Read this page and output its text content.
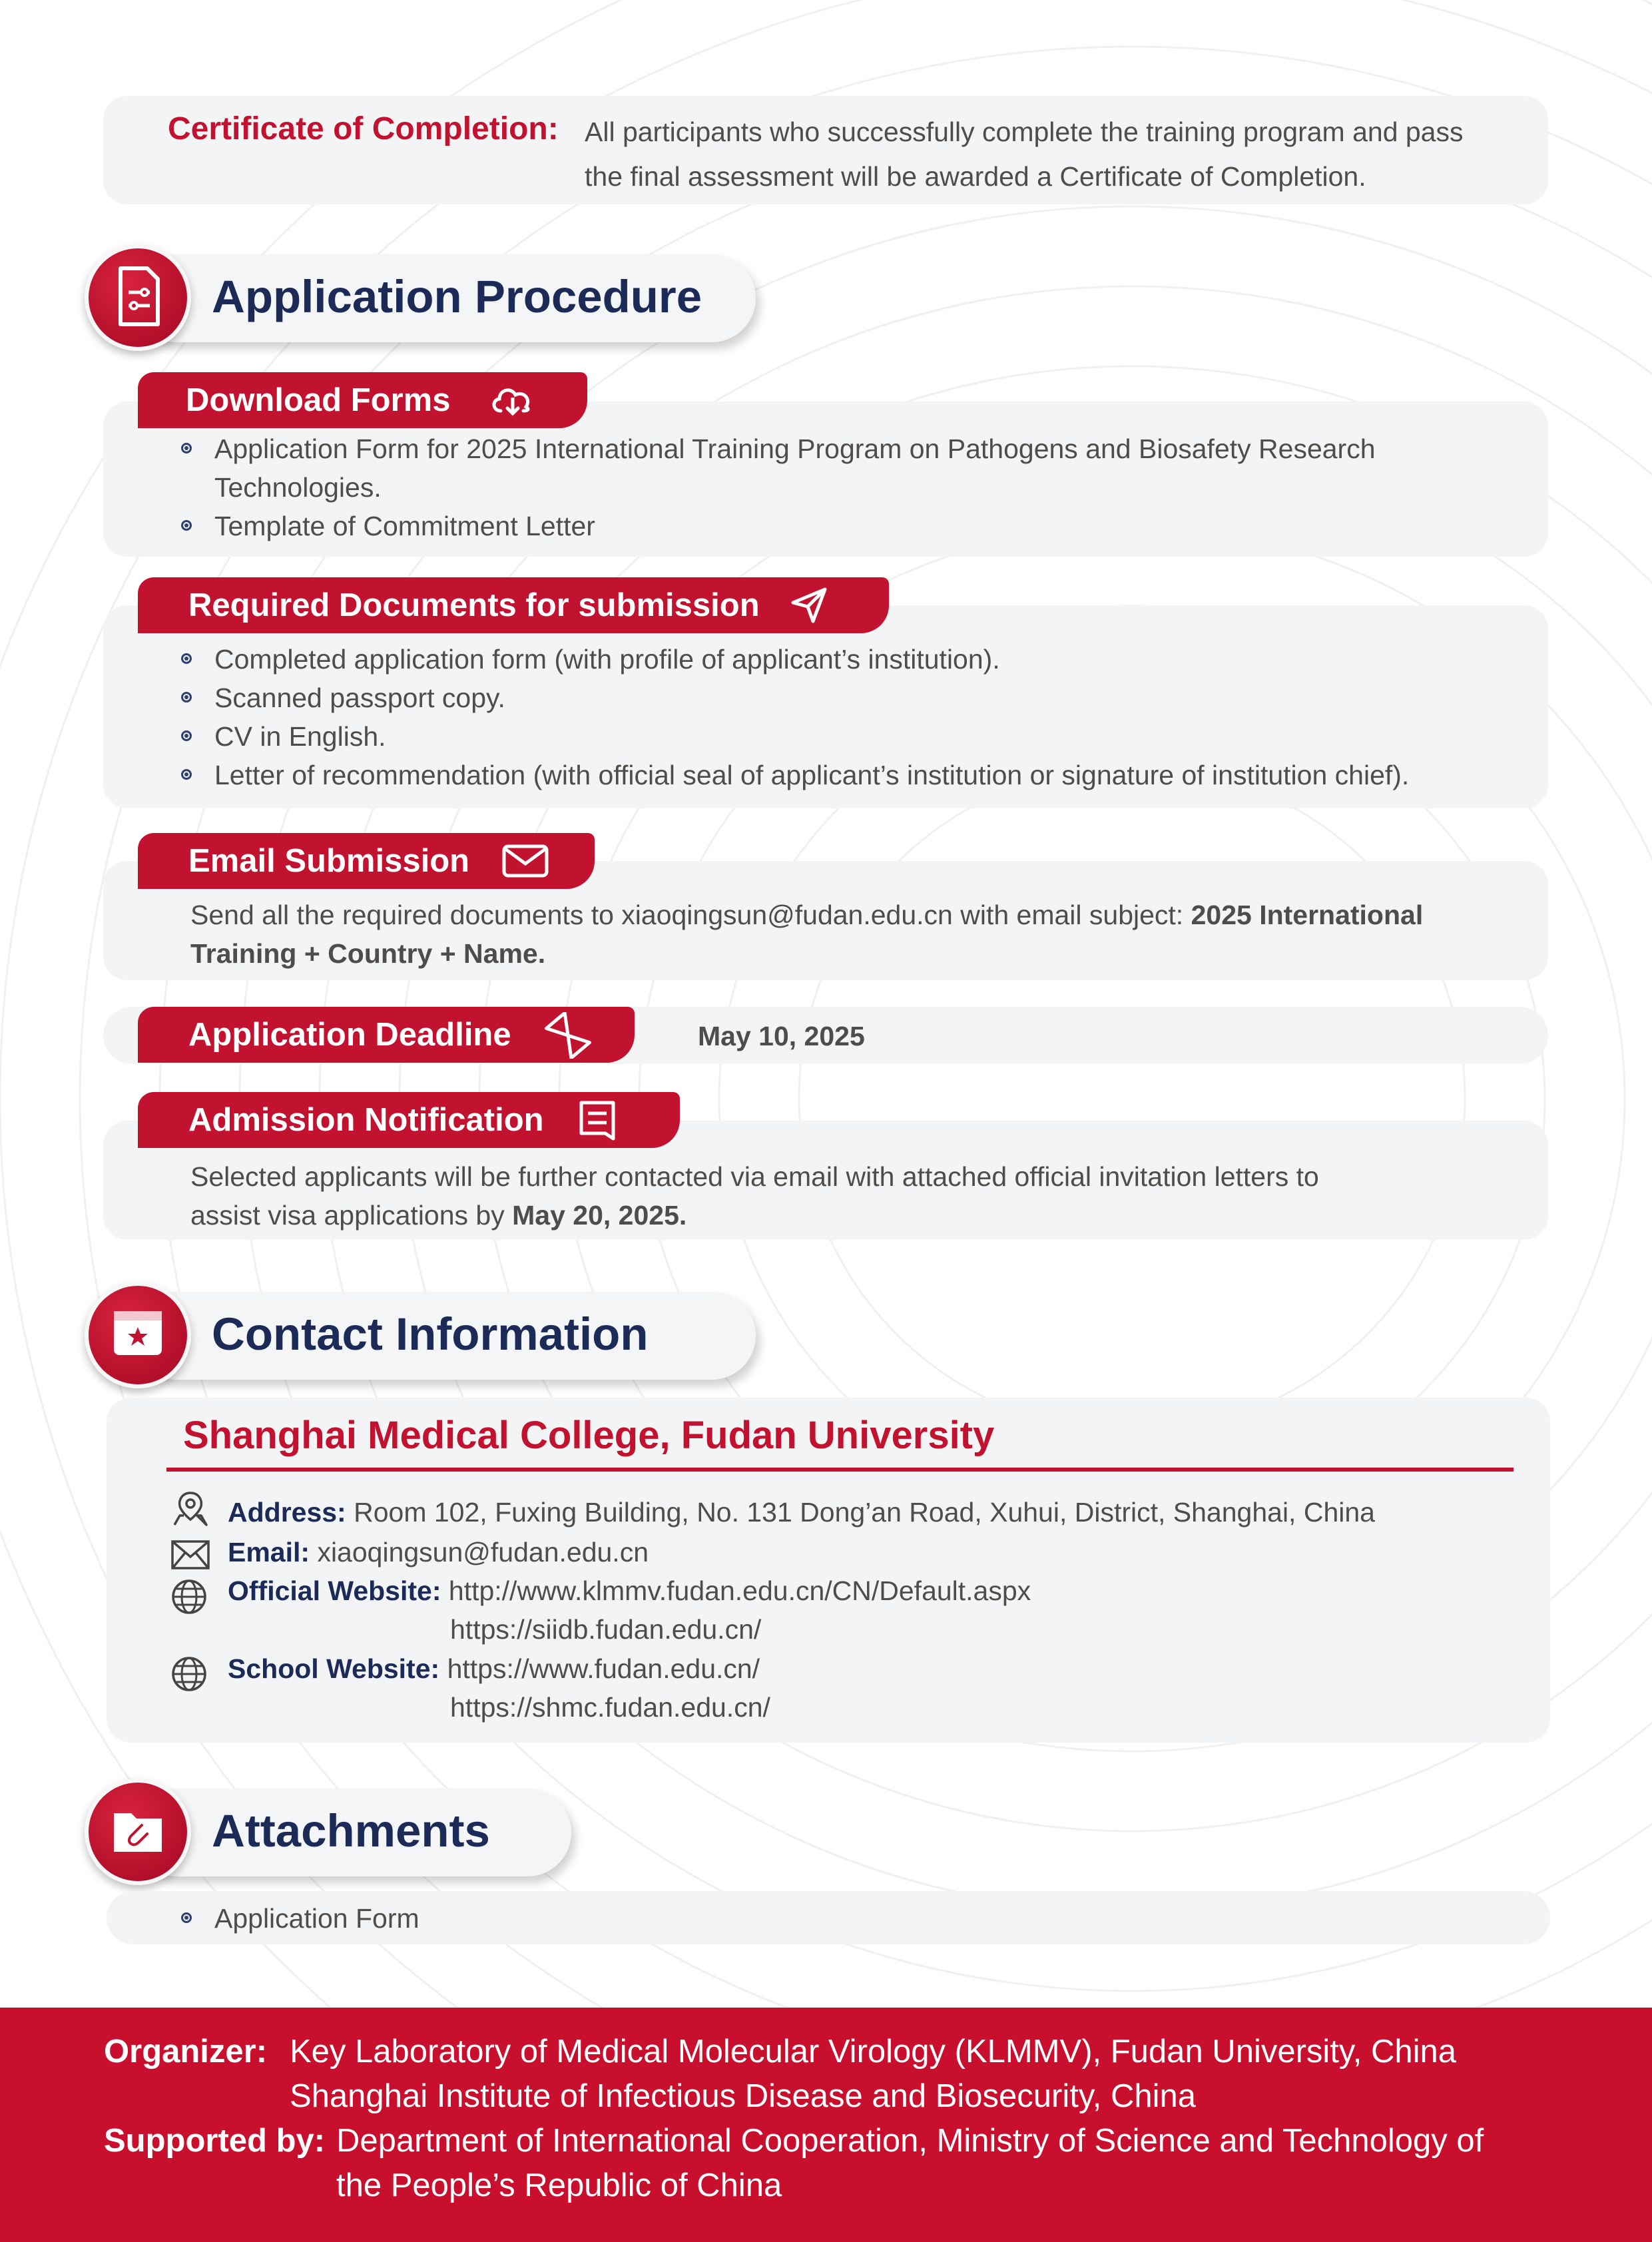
Certificate of Completion: All participants who successfully complete the training program and pass
the final assessment will be awarded a Certificate of Completion.
Application Procedure
Download Forms
Application Form for 2025 International Training Program on Pathogens and Biosafety Research
Technologies.
Template of Commitment Letter
Required Documents for submission
Completed application form (with profile of applicant’s institution).
Scanned passport copy.
CV in English.
Letter of recommendation (with official seal of applicant’s institution or signature of institution chief).
Email Submission
Send all the required documents to xiaoqingsun@fudan.edu.cn with email subject: 2025 International
Training + Country + Name.
Application Deadline	May 10, 2025
Admission Notification
Selected applicants will be further contacted via email with attached official invitation letters to
assist visa applications by May 20, 2025.
Contact Information
Shanghai Medical College, Fudan University
Address: Room 102, Fuxing Building, No. 131 Dong’an Road, Xuhui, District, Shanghai, China
Email: xiaoqingsun@fudan.edu.cn
Official Website: http://www.klmmv.fudan.edu.cn/CN/Default.aspx
https://siidb.fudan.edu.cn/
School Website: https://www.fudan.edu.cn/
https://shmc.fudan.edu.cn/
Attachments
Application Form
Organizer: Key Laboratory of Medical Molecular Virology (KLMMV), Fudan University, China
Shanghai Institute of Infectious Disease and Biosecurity, China
Supported by: Department of International Cooperation, Ministry of Science and Technology of
the People’s Republic of China
